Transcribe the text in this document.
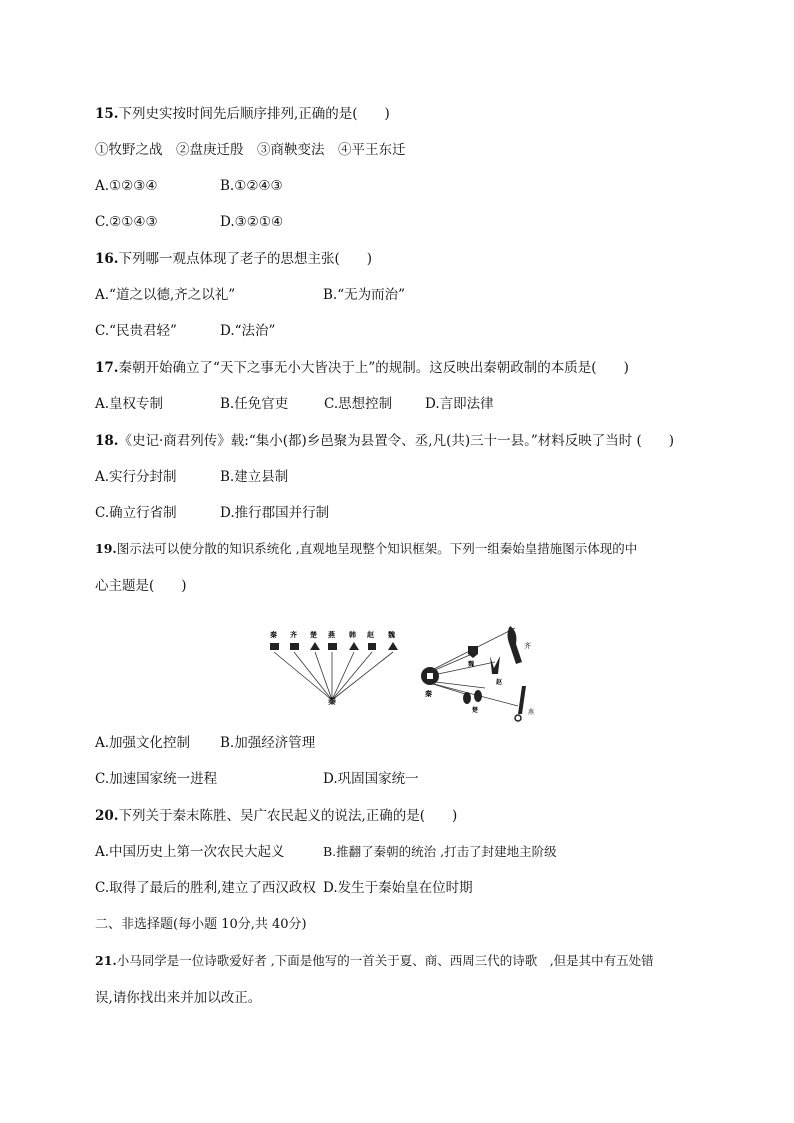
15.下列史实按时间先后顺序排列,正确的是(　　)
①牧野之战　②盘庚迁殷　③商鞅变法　④平王东迁
A.①②③④	B.①②④③
C.②①④③	D.③②①④
16.下列哪一观点体现了老子的思想主张(　　)
A.“道之以德,齐之以礼”	B.“无为而治”
C.“民贵君轻”	D.“法治”
17.秦朝开始确立了“天下之事无小大皆决于上”的规制。这反映出秦朝政制的本质是(　　)
A.皇权专制	B.任免官吏	C.思想控制 D.言即法律
18.《史记·商君列传》载:“集小(都)乡邑聚为县置令、丞,凡(共)三十一县。”材料反映了当时 (　　)
A.实行分封制	B.建立县制
C.确立行省制	D.推行郡国并行制
19.图示法可以使分散的知识系统化 ,直观地呈现整个知识框架。下列一组秦始皇措施图示体现的中
心主题是(　　)
秦 齐 楚 燕 韩 赵 魏
秦
秦
齐
魏
赵
楚	燕
A.加强文化控制 B.加强经济管理
C.加速国家统一进程	D.巩固国家统一
20.下列关于秦末陈胜、吴广农民起义的说法,正确的是(　　)
A.中国历史上第一次农民大起义	B.推翻了秦朝的统治 ,打击了封建地主阶级
C.取得了最后的胜利,建立了西汉政权 D.发生于秦始皇在位时期
二、非选择题(每小题 10分,共 40分)
21.小马同学是一位诗歌爱好者 ,下面是他写的一首关于夏、商、西周三代的诗歌　,但是其中有五处错
误,请你找出来并加以改正。
